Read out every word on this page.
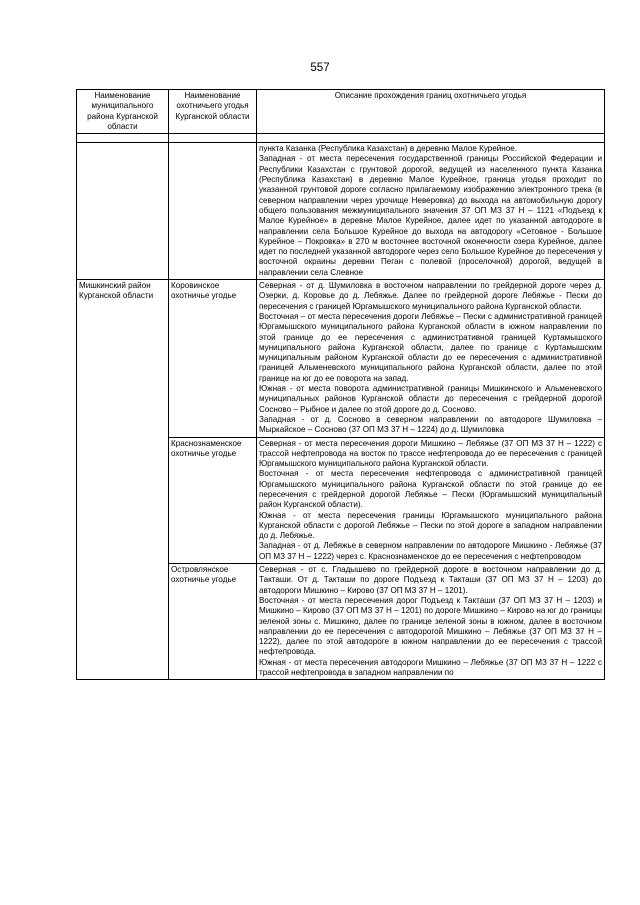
557
Наименование муниципального района Курганской области	Наименование охотничьего угодья Курганской области	Описание прохождения границ охотничьего угодья

		пункта Казанка (Республика Казахстан) в деревню Малое Курейное.

Западная - от места пересечения государственной границы Российской Федерации и Республики Казахстан с грунтовой дорогой, ведущей из населенного пункта Казанка (Республика Казахстан) в деревню Малое Курейное, граница угодья проходит по указанной грунтовой дороге согласно прилагаемому изображению электронного трека (в северном направлении через урочище Неверовка) до выхода на автомобильную дорогу общего пользования межмуниципального значения 37 ОП МЗ 37 Н – 1121 «Подъезд к Малое Курейное» в деревне Малое Курейное, далее идет по указанной автодороге в направлении села Большое Курейное до выхода на автодорогу «Сетовное - Большое Курейное – Покровка» в 270 м восточнее восточной оконечности озера Курейное, далее идет по последней указанной автодороге через село Большое Курейное до пересечения у восточной окраины деревни Пеган с полевой (проселочной) дорогой, ведущей в направлении села Слевное

Мишкинский район Курганской области	Коровинское охотничье угодье	Северная - от д. Шумиловка в восточном направлении по грейдерной дороге через д. Озерки, д. Коровье до д. Лебяжье. Далее по грейдерной дороге Лебяжье - Пески до пересечения с границей Юргамышского муниципального района Курганской области.

Восточная – от места пересечения дороги Лебяжье – Пески с административной границей Юргамышского муниципального района Курганской области в южном направлении по этой границе до ее пересечения с административной границей Куртамышского муниципального района Курганской области, далее по границе с Куртамышским муниципальным районом Курганской области до ее пересечения с административной границей Альменевского муниципального района Курганской области, далее по этой границе на юг до ее поворота на запад.

Южная - от места поворота административной границы Мишкинского и Альменевского муниципальных районов Курганской области до пересечения с грейдерной дорогой Сосново – Рыбное и далее по этой дороге до д. Сосново.

Западная - от д. Сосново в северном направлении по автодороге Шумиловка – Мыркайское – Сосново (37 ОП МЗ 37 Н – 1224) до д. Шумиловка

	Краснознаменское охотничье угодье	Северная - от места пересечения дороги Мишкино – Лебяжье (37 ОП МЗ 37 Н – 1222) с трассой нефтепровода на восток по трассе нефтепровода до ее пересечения с границей Юргамышского муниципального района Курганской области.

Восточная - от места пересечения нефтепровода с административной границей Юргамышского муниципального района Курганской области по этой границе до ее пересечения с грейдерной дорогой Лебяжье – Пески (Юргамышский муниципальный район Курганской области).

Южная - от места пересечения границы Юргамышского муниципального района Курганской области с дорогой Лебяжье – Пески по этой дороге в западном направлении до д. Лебяжье.

Западная - от д. Лебяжье в северном направлении по автодороге Мишкино - Лебяжье (37 ОП МЗ 37 Н – 1222) через с. Краснознаменское до ее пересечения с нефтепроводом

	Островлянское охотничье угодье	Северная - от с. Гладышево по грейдерной дороге в восточном направлении до д. Такташи. От д. Такташи по дороге Подъезд к Такташи (37 ОП МЗ 37 Н – 1203) до автодороги Мишкино – Кирово (37 ОП МЗ 37 Н – 1201).

Восточная - от места пересечения дорог Подъезд к Такташи (37 ОП МЗ 37 Н – 1203) и Мишкино – Кирово (37 ОП МЗ 37 Н – 1201) по дороге Мишкино – Кирово на юг до границы зеленой зоны с. Мишкино, далее по границе зеленой зоны в южном, далее в восточном направлении до ее пересечения с автодорогой Мишкино – Лебяжье (37 ОП МЗ 37 Н – 1222), далее по этой автодороге в южном направлении до ее пересечения с трассой нефтепровода.

Южная - от места пересечения автодороги Мишкино – Лебяжье (37 ОП МЗ 37 Н – 1222 с трассой нефтепровода в западном направлении по
